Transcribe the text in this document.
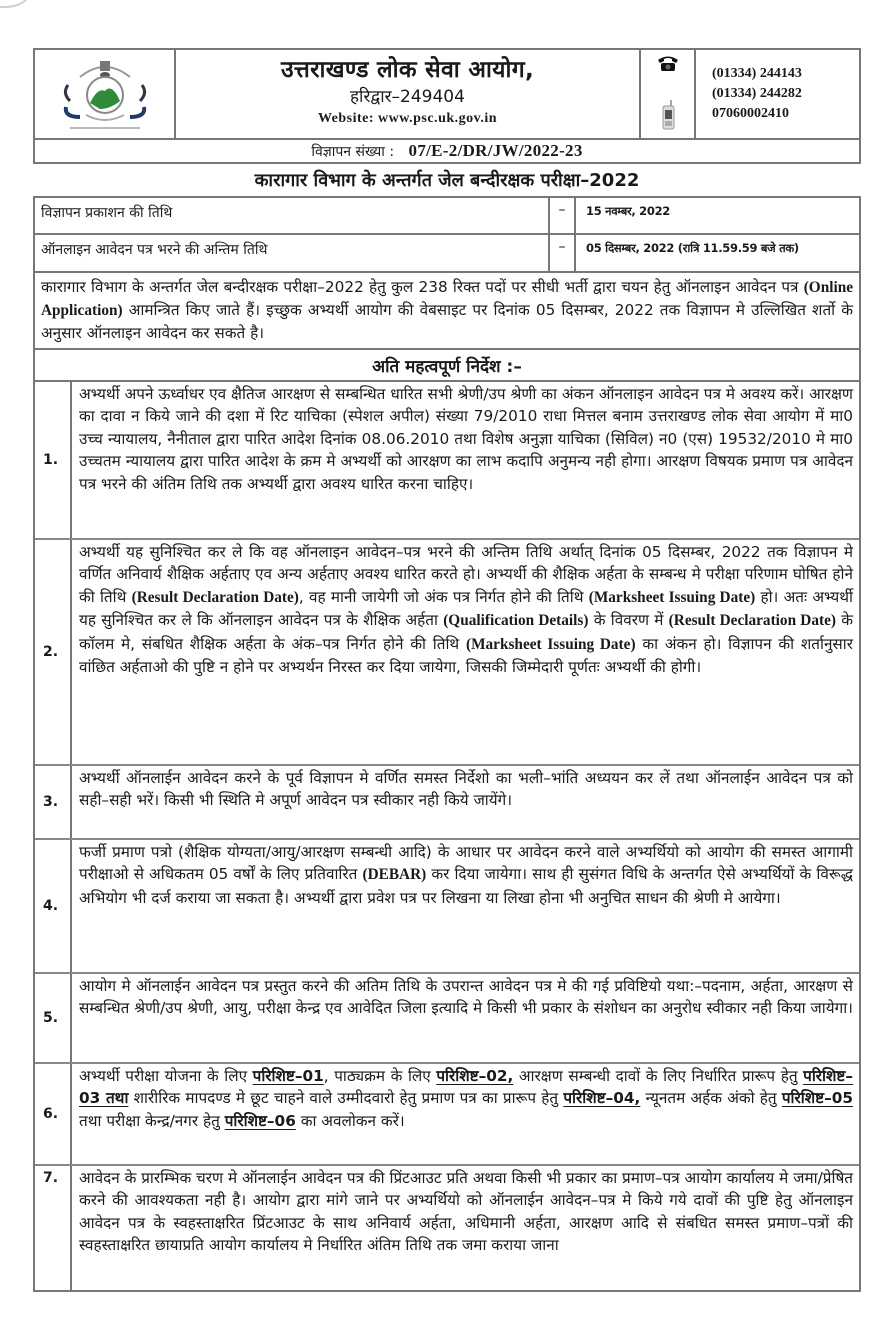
उत्तराखण्ड लोक सेवा आयोग,
हरिद्वार–249404
Website: www.psc.uk.gov.in
(01334) 244143
(01334) 244282
07060002410
विज्ञापन संख्या : 07/E-2/DR/JW/2022-23
कारागार विभाग के अन्तर्गत जेल बन्दीरक्षक परीक्षा–2022
विज्ञापन प्रकाशन की तिथि	–	15 नवम्बर, 2022
ऑनलाइन आवेदन पत्र भरने की अन्तिम तिथि	–	05 दिसम्बर, 2022 (रात्रि 11.59.59 बजे तक)
कारागार विभाग के अन्तर्गत जेल बन्दीरक्षक परीक्षा–2022 हेतु कुल 238 रिक्त पदों पर सीधी भर्ती द्वारा चयन हेतु ऑनलाइन आवेदन पत्र (Online Application) आमन्त्रित किए जाते हैं। इच्छुक अभ्यर्थी आयोग की वेबसाइट पर दिनांक 05 दिसम्बर, 2022 तक विज्ञापन मे उल्लिखित शर्तो के अनुसार ऑनलाइन आवेदन कर सकते है।
अति महत्वपूर्ण निर्देश :–
1.
अभ्यर्थी अपने ऊर्ध्वाधर एव क्षैतिज आरक्षण से सम्बन्धित धारित सभी श्रेणी/उप श्रेणी का अंकन ऑनलाइन आवेदन पत्र मे अवश्य करें। आरक्षण का दावा न किये जाने की दशा में रिट याचिका (स्पेशल अपील) संख्या 79/2010 राधा मित्तल बनाम उत्तराखण्ड लोक सेवा आयोग में मा0 उच्च न्यायालय, नैनीताल द्वारा पारित आदेश दिनांक 08.06.2010 तथा विशेष अनुज्ञा याचिका (सिविल) न0 (एस) 19532/2010 मे मा0 उच्चतम न्यायालय द्वारा पारित आदेश के क्रम मे अभ्यर्थी को आरक्षण का लाभ कदापि अनुमन्य नही होगा। आरक्षण विषयक प्रमाण पत्र आवेदन पत्र भरने की अंतिम तिथि तक अभ्यर्थी द्वारा अवश्य धारित करना चाहिए।
2.
अभ्यर्थी यह सुनिश्चित कर ले कि वह ऑनलाइन आवेदन–पत्र भरने की अन्तिम तिथि अर्थात् दिनांक 05 दिसम्बर, 2022 तक विज्ञापन मे वर्णित अनिवार्य शैक्षिक अर्हताए एव अन्य अर्हताए अवश्य धारित करते हो। अभ्यर्थी की शैक्षिक अर्हता के सम्बन्ध मे परीक्षा परिणाम घोषित होने की तिथि (Result Declaration Date), वह मानी जायेगी जो अंक पत्र निर्गत होने की तिथि (Marksheet Issuing Date) हो। अतः अभ्यर्थी यह सुनिश्चित कर ले कि ऑनलाइन आवेदन पत्र के शैक्षिक अर्हता (Qualification Details) के विवरण में (Result Declaration Date) के कॉलम मे, संबधित शैक्षिक अर्हता के अंक–पत्र निर्गत होने की तिथि (Marksheet Issuing Date) का अंकन हो। विज्ञापन की शर्तानुसार वांछित अर्हताओ की पुष्टि न होने पर अभ्यर्थन निरस्त कर दिया जायेगा, जिसकी जिम्मेदारी पूर्णतः अभ्यर्थी की होगी।
3.
अभ्यर्थी ऑनलाईन आवेदन करने के पूर्व विज्ञापन मे वर्णित समस्त निर्देशो का भली–भांति अध्ययन कर लें तथा ऑनलाईन आवेदन पत्र को सही–सही भरें। किसी भी स्थिति मे अपूर्ण आवेदन पत्र स्वीकार नही किये जायेंगे।
4.
फर्जी प्रमाण पत्रो (शैक्षिक योग्यता/आयु/आरक्षण सम्बन्धी आदि) के आधार पर आवेदन करने वाले अभ्यर्थियो को आयोग की समस्त आगामी परीक्षाओ से अधिकतम 05 वर्षों के लिए प्रतिवारित (DEBAR) कर दिया जायेगा। साथ ही सुसंगत विधि के अन्तर्गत ऐसे अभ्यर्थियों के विरूद्ध अभियोग भी दर्ज कराया जा सकता है। अभ्यर्थी द्वारा प्रवेश पत्र पर लिखना या लिखा होना भी अनुचित साधन की श्रेणी मे आयेगा।
5.
आयोग मे ऑनलाईन आवेदन पत्र प्रस्तुत करने की अतिम तिथि के उपरान्त आवेदन पत्र मे की गई प्रविष्टियो यथा:–पदनाम, अर्हता, आरक्षण से सम्बन्धित श्रेणी/उप श्रेणी, आयु, परीक्षा केन्द्र एव आवेदित जिला इत्यादि मे किसी भी प्रकार के संशोधन का अनुरोध स्वीकार नही किया जायेगा।
6.
अभ्यर्थी परीक्षा योजना के लिए परिशिष्ट–01, पाठ्यक्रम के लिए परिशिष्ट–02, आरक्षण सम्बन्धी दावों के लिए निर्धारित प्रारूप हेतु परिशिष्ट–03 तथा शारीरिक मापदण्ड मे छूट चाहने वाले उम्मीदवारो हेतु प्रमाण पत्र का प्रारूप हेतु परिशिष्ट–04, न्यूनतम अर्हक अंको हेतु परिशिष्ट–05 तथा परीक्षा केन्द्र/नगर हेतु परिशिष्ट–06 का अवलोकन करें।
7.	आवेदन के प्रारम्भिक चरण मे ऑनलाईन आवेदन पत्र की प्रिंटआउट प्रति अथवा किसी भी प्रकार का प्रमाण–पत्र आयोग कार्यालय मे जमा/प्रेषित करने की आवश्यकता नही है। आयोग द्वारा मांगे जाने पर अभ्यर्थियो को ऑनलाईन आवेदन–पत्र मे किये गये दावों की पुष्टि हेतु ऑनलाइन आवेदन पत्र के स्वहस्ताक्षरित प्रिंटआउट के साथ अनिवार्य अर्हता, अधिमानी अर्हता, आरक्षण आदि से संबधित समस्त प्रमाण–पत्रों की स्वहस्ताक्षरित छायाप्रति आयोग कार्यालय मे निर्धारित अंतिम तिथि तक जमा कराया जाना
